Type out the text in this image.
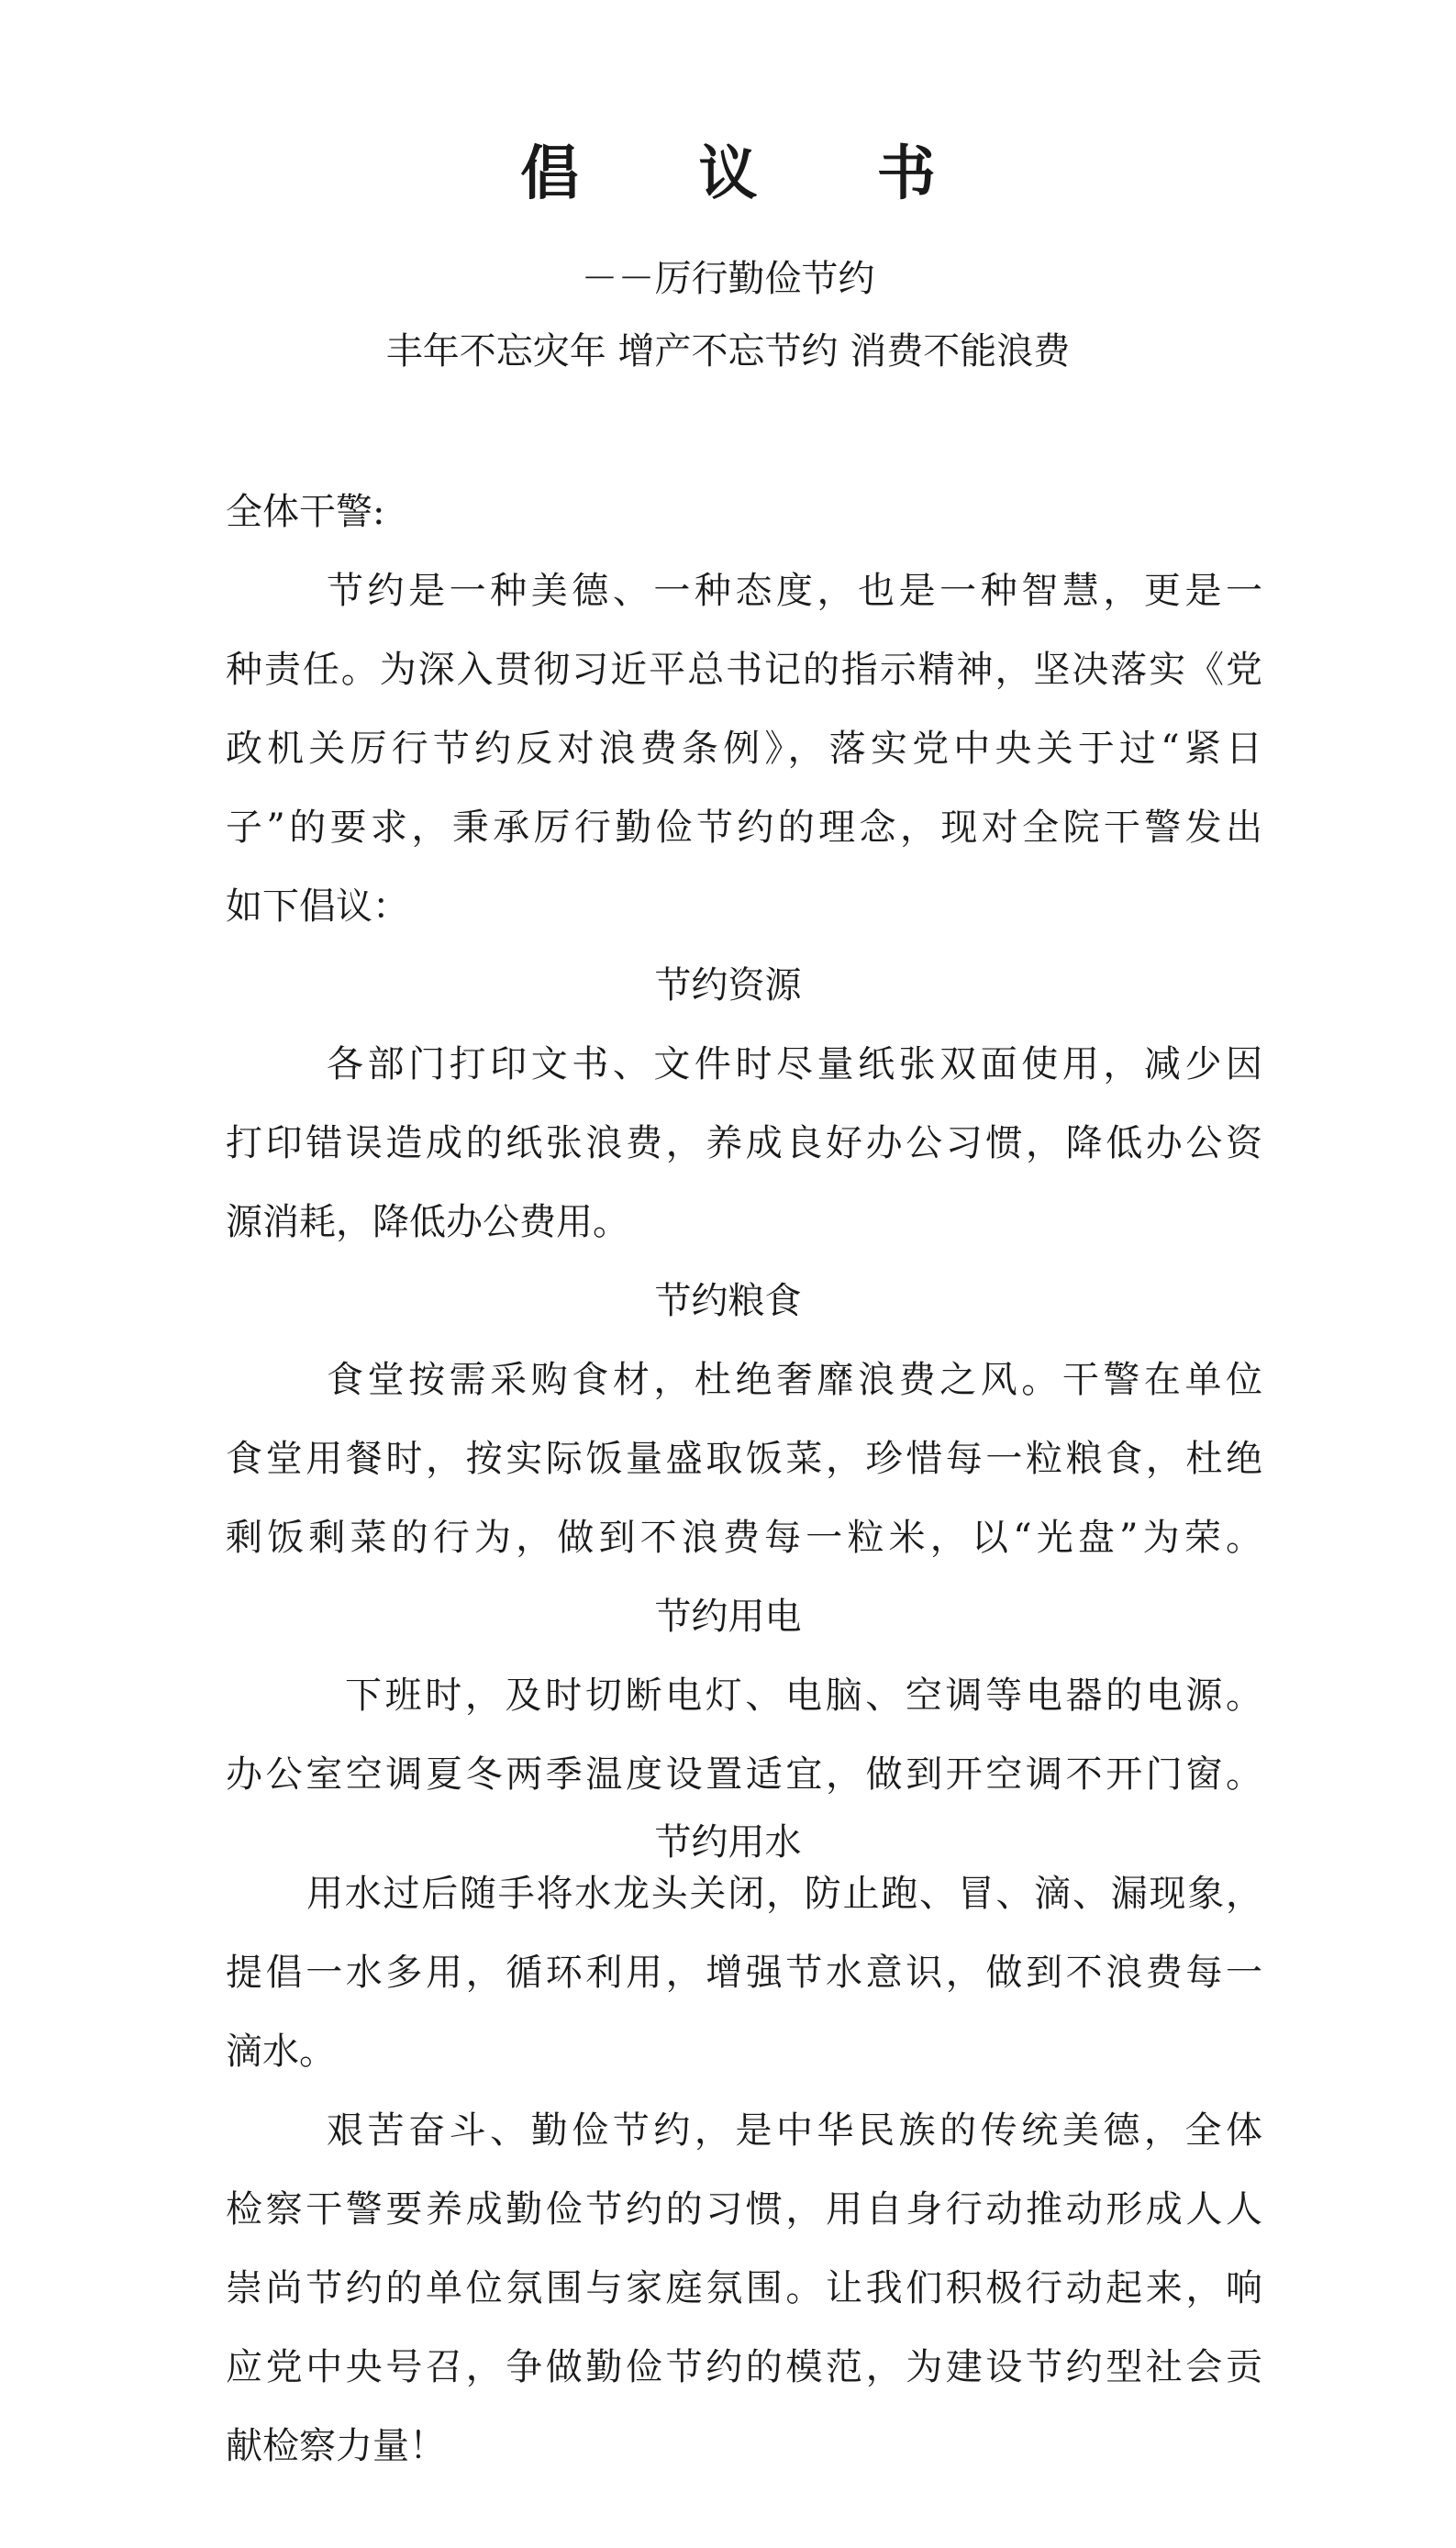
倡 议 书
－－厉行勤俭节约
丰年不忘灾年 增产不忘节约 消费不能浪费
全体干警:
节约是一种美德、一种态度，也是一种智慧，更是一
种责任。为深入贯彻习近平总书记的指示精神，坚决落实《党
政机关厉行节约反对浪费条例》，落实党中央关于过“紧日
子”的要求，秉承厉行勤俭节约的理念，现对全院干警发出
如下倡议：
节约资源
各部门打印文书、文件时尽量纸张双面使用，减少因
打印错误造成的纸张浪费，养成良好办公习惯，降低办公资
源消耗，降低办公费用。
节约粮食
食堂按需采购食材，杜绝奢靡浪费之风。干警在单位
食堂用餐时，按实际饭量盛取饭菜，珍惜每一粒粮食，杜绝
剩饭剩菜的行为，做到不浪费每一粒米，以“光盘”为荣。
节约用电
下班时，及时切断电灯、电脑、空调等电器的电源。
办公室空调夏冬两季温度设置适宜，做到开空调不开门窗。
节约用水
用水过后随手将水龙头关闭，防止跑、冒、滴、漏现象，
提倡一水多用，循环利用，增强节水意识，做到不浪费每一
滴水。
艰苦奋斗、勤俭节约，是中华民族的传统美德，全体
检察干警要养成勤俭节约的习惯，用自身行动推动形成人人
崇尚节约的单位氛围与家庭氛围。让我们积极行动起来，响
应党中央号召，争做勤俭节约的模范，为建设节约型社会贡
献检察力量！
